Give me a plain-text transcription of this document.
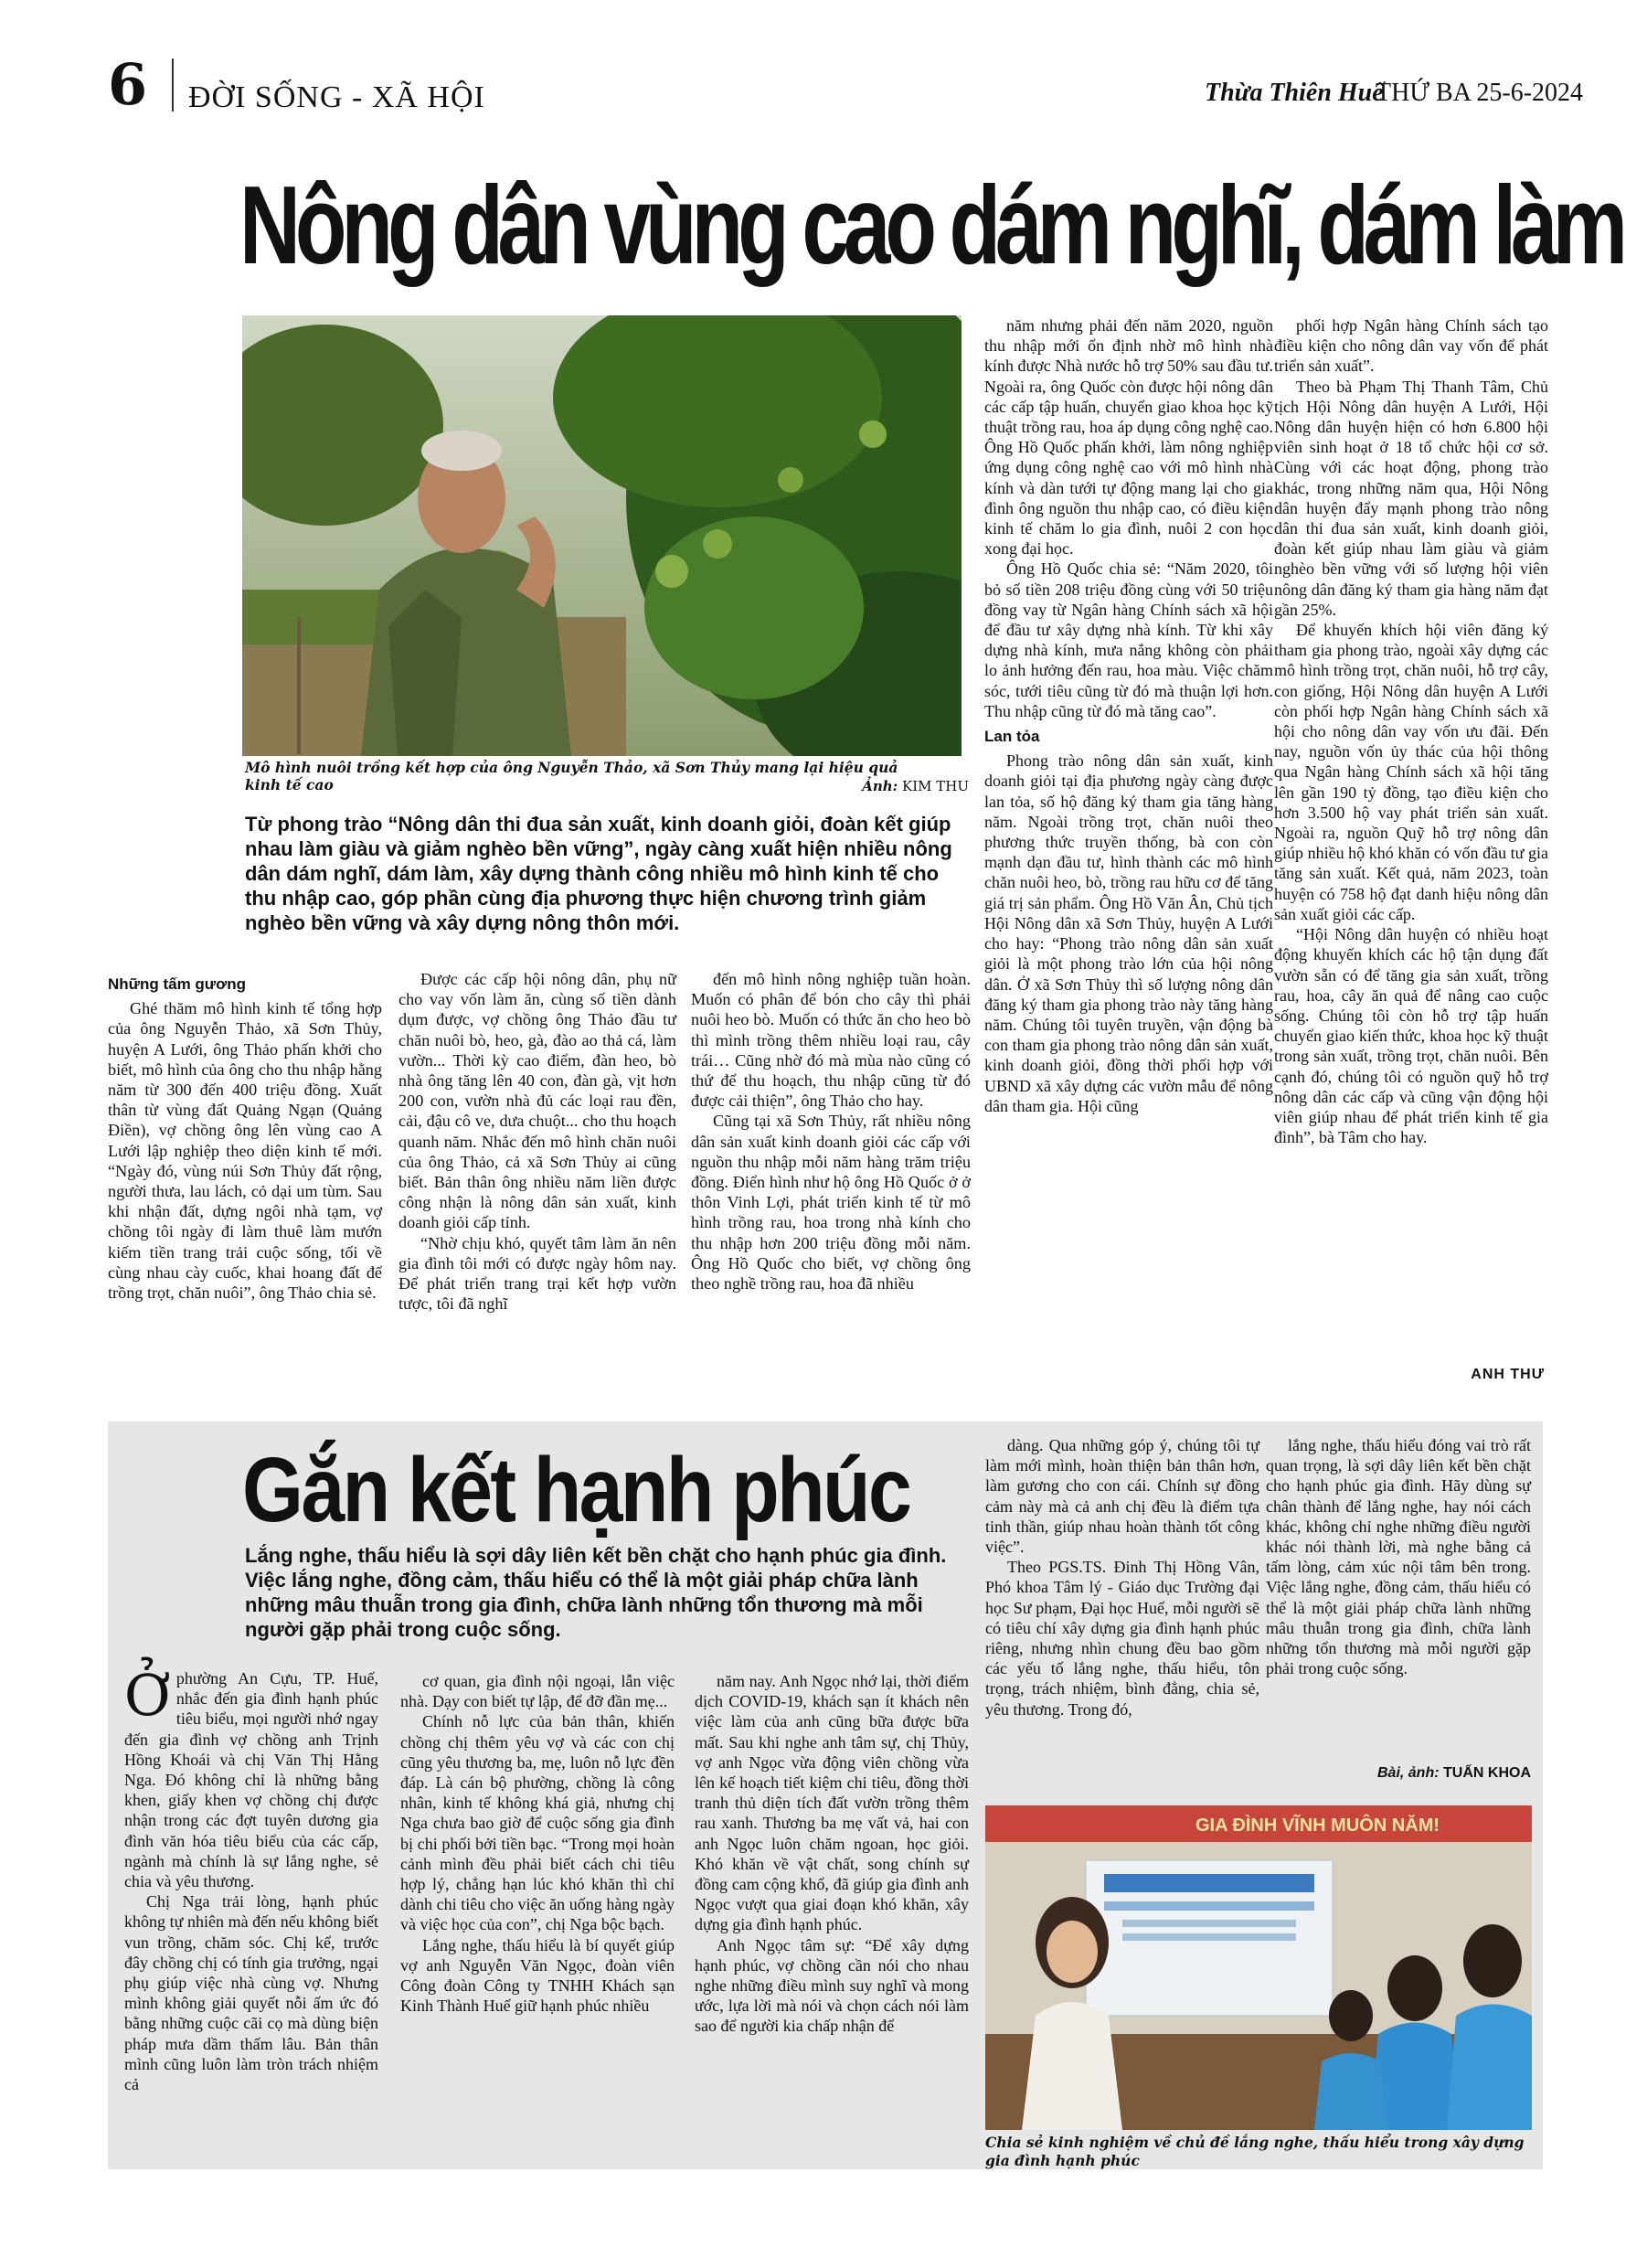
6 ĐỜI SỐNG - XÃ HỘI	Thừa Thiên Huế
THỨ BA 25-6-2024
Nông dân vùng cao dám nghĩ, dám làm
Mô hình nuôi trồng kết hợp của ông Nguyễn Thảo, xã Sơn Thủy mang lại hiệu quả kinh tế cao	Ảnh: KIM THU
Từ phong trào “Nông dân thi đua sản xuất, kinh doanh giỏi, đoàn kết giúp nhau làm giàu và giảm nghèo bền vững”, ngày càng xuất hiện nhiều nông dân dám nghĩ, dám làm, xây dựng thành công nhiều mô hình kinh tế cho thu nhập cao, góp phần cùng địa phương thực hiện chương trình giảm nghèo bền vững và xây dựng nông thôn mới.
Những tấm gương

Ghé thăm mô hình kinh tế tổng hợp của ông Nguyễn Thảo, xã Sơn Thủy, huyện A Lưới, ông Thảo phấn khởi cho biết, mô hình của ông cho thu nhập hằng năm từ 300 đến 400 triệu đồng. Xuất thân từ vùng đất Quảng Ngạn (Quảng Điền), vợ chồng ông lên vùng cao A Lưới lập nghiệp theo diện kinh tế mới. “Ngày đó, vùng núi Sơn Thủy đất rộng, người thưa, lau lách, cỏ dại um tùm. Sau khi nhận đất, dựng ngôi nhà tạm, vợ chồng tôi ngày đi làm thuê làm mướn kiếm tiền trang trải cuộc sống, tối về cùng nhau cày cuốc, khai hoang đất để trồng trọt, chăn nuôi”, ông Thảo chia sẻ.

Được các cấp hội nông dân, phụ nữ cho vay vốn làm ăn, cùng số tiền dành dụm được, vợ chồng ông Thảo đầu tư chăn nuôi bò, heo, gà, đào ao thả cá, làm vườn... Thời kỳ cao điểm, đàn heo, bò nhà ông tăng lên 40 con, đàn gà, vịt hơn 200 con, vườn nhà đủ các loại rau đền, cải, đậu cô ve, dưa chuột... cho thu hoạch quanh năm. Nhắc đến mô hình chăn nuôi của ông Thảo, cả xã Sơn Thủy ai cũng biết. Bản thân ông nhiều năm liền được công nhận là nông dân sản xuất, kinh doanh giỏi cấp tỉnh.

“Nhờ chịu khó, quyết tâm làm ăn nên gia đình tôi mới có được ngày hôm nay. Để phát triển trang trại kết hợp vườn tược, tôi đã nghĩ

đến mô hình nông nghiệp tuần hoàn. Muốn có phân để bón cho cây thì phải nuôi heo bò. Muốn có thức ăn cho heo bò thì mình trồng thêm nhiều loại rau, cây trái… Cũng nhờ đó mà mùa nào cũng có thứ để thu hoạch, thu nhập cũng từ đó được cải thiện”, ông Thảo cho hay.

Cũng tại xã Sơn Thủy, rất nhiều nông dân sản xuất kinh doanh giỏi các cấp với nguồn thu nhập mỗi năm hàng trăm triệu đồng. Điển hình như hộ ông Hồ Quốc ở ở thôn Vinh Lợi, phát triển kinh tế từ mô hình trồng rau, hoa trong nhà kính cho thu nhập hơn 200 triệu đồng mỗi năm. Ông Hồ Quốc cho biết, vợ chồng ông theo nghề trồng rau, hoa đã nhiều

năm nhưng phải đến năm 2020, nguồn thu nhập mới ổn định nhờ mô hình nhà kính được Nhà nước hỗ trợ 50% sau đầu tư. Ngoài ra, ông Quốc còn được hội nông dân các cấp tập huấn, chuyển giao khoa học kỹ thuật trồng rau, hoa áp dụng công nghệ cao. Ông Hồ Quốc phấn khởi, làm nông nghiệp ứng dụng công nghệ cao với mô hình nhà kính và dàn tưới tự động mang lại cho gia đình ông nguồn thu nhập cao, có điều kiện kinh tế chăm lo gia đình, nuôi 2 con học xong đại học.

Ông Hồ Quốc chia sẻ: “Năm 2020, tôi bỏ số tiền 208 triệu đồng cùng với 50 triệu đồng vay từ Ngân hàng Chính sách xã hội để đầu tư xây dựng nhà kính. Từ khi xây dựng nhà kính, mưa nắng không còn phải lo ảnh hưởng đến rau, hoa màu. Việc chăm sóc, tưới tiêu cũng từ đó mà thuận lợi hơn. Thu nhập cũng từ đó mà tăng cao”.

Lan tỏa

Phong trào nông dân sản xuất, kinh doanh giỏi tại địa phương ngày càng được lan tỏa, số hộ đăng ký tham gia tăng hàng năm. Ngoài trồng trọt, chăn nuôi theo phương thức truyền thống, bà con còn mạnh dạn đầu tư, hình thành các mô hình chăn nuôi heo, bò, trồng rau hữu cơ để tăng giá trị sản phẩm. Ông Hồ Văn Ân, Chủ tịch Hội Nông dân xã Sơn Thủy, huyện A Lưới cho hay: “Phong trào nông dân sản xuất giỏi là một phong trào lớn của hội nông dân. Ở xã Sơn Thủy thì số lượng nông dân đăng ký tham gia phong trào này tăng hàng năm. Chúng tôi tuyên truyền, vận động bà con tham gia phong trào nông dân sản xuất, kinh doanh giỏi, đồng thời phối hợp với UBND xã xây dựng các vườn mẫu để nông dân tham gia. Hội cũng

phối hợp Ngân hàng Chính sách tạo điều kiện cho nông dân vay vốn để phát triển sản xuất”.

Theo bà Phạm Thị Thanh Tâm, Chủ tịch Hội Nông dân huyện A Lưới, Hội Nông dân huyện hiện có hơn 6.800 hội viên sinh hoạt ở 18 tổ chức hội cơ sở. Cùng với các hoạt động, phong trào khác, trong những năm qua, Hội Nông dân huyện đẩy mạnh phong trào nông dân thi đua sản xuất, kinh doanh giỏi, đoàn kết giúp nhau làm giàu và giảm nghèo bền vững với số lượng hội viên nông dân đăng ký tham gia hàng năm đạt gần 25%.

Để khuyến khích hội viên đăng ký tham gia phong trào, ngoài xây dựng các mô hình trồng trọt, chăn nuôi, hỗ trợ cây, con giống, Hội Nông dân huyện A Lưới còn phối hợp Ngân hàng Chính sách xã hội cho nông dân vay vốn ưu đãi. Đến nay, nguồn vốn ủy thác của hội thông qua Ngân hàng Chính sách xã hội tăng lên gần 190 tỷ đồng, tạo điều kiện cho hơn 3.500 hộ vay phát triển sản xuất. Ngoài ra, nguồn Quỹ hỗ trợ nông dân giúp nhiều hộ khó khăn có vốn đầu tư gia tăng sản xuất. Kết quả, năm 2023, toàn huyện có 758 hộ đạt danh hiệu nông dân sản xuất giỏi các cấp.

“Hội Nông dân huyện có nhiều hoạt động khuyến khích các hộ tận dụng đất vườn sẵn có để tăng gia sản xuất, trồng rau, hoa, cây ăn quả để nâng cao cuộc sống. Chúng tôi còn hỗ trợ tập huấn chuyển giao kiến thức, khoa học kỹ thuật trong sản xuất, trồng trọt, chăn nuôi. Bên cạnh đó, chúng tôi có nguồn quỹ hỗ trợ nông dân các cấp và cũng vận động hội viên giúp nhau để phát triển kinh tế gia đình”, bà Tâm cho hay.

ANH THƯ
Gắn kết hạnh phúc
Lắng nghe, thấu hiểu là sợi dây liên kết bền chặt cho hạnh phúc gia đình. Việc lắng nghe, đồng cảm, thấu hiểu có thể là một giải pháp chữa lành những mâu thuẫn trong gia đình, chữa lành những tổn thương mà mỗi người gặp phải trong cuộc sống.

Ở phường An Cựu, TP. Huế, nhắc đến gia đình hạnh phúc tiêu biểu, mọi người nhớ ngay đến gia đình vợ chồng anh Trịnh Hồng Khoái và chị Văn Thị Hằng Nga. Đó không chỉ là những bằng khen, giấy khen vợ chồng chị được nhận trong các đợt tuyên dương gia đình văn hóa tiêu biểu của các cấp, ngành mà chính là sự lắng nghe, sẻ chia và yêu thương.

Chị Nga trải lòng, hạnh phúc không tự nhiên mà đến nếu không biết vun trồng, chăm sóc. Chị kể, trước đây chồng chị có tính gia trưởng, ngại phụ giúp việc nhà cùng vợ. Nhưng mình không giải quyết nỗi ấm ức đó bằng những cuộc cãi cọ mà dùng biện pháp mưa dầm thấm lâu. Bản thân mình cũng luôn làm tròn trách nhiệm cả

cơ quan, gia đình nội ngoại, lẫn việc nhà. Dạy con biết tự lập, để đỡ đần mẹ...

Chính nỗ lực của bản thân, khiến chồng chị thêm yêu vợ và các con chị cũng yêu thương ba, mẹ, luôn nỗ lực đền đáp. Là cán bộ phường, chồng là công nhân, kinh tế không khá giả, nhưng chị Nga chưa bao giờ để cuộc sống gia đình bị chi phối bởi tiền bạc. “Trong mọi hoàn cảnh mình đều phải biết cách chi tiêu hợp lý, chẳng hạn lúc khó khăn thì chỉ dành chi tiêu cho việc ăn uống hàng ngày và việc học của con”, chị Nga bộc bạch.

Lắng nghe, thấu hiểu là bí quyết giúp vợ anh Nguyễn Văn Ngọc, đoàn viên Công đoàn Công ty TNHH Khách sạn Kinh Thành Huế giữ hạnh phúc nhiều

năm nay. Anh Ngọc nhớ lại, thời điểm dịch COVID-19, khách sạn ít khách nên việc làm của anh cũng bữa được bữa mất. Sau khi nghe anh tâm sự, chị Thủy, vợ anh Ngọc vừa động viên chồng vừa lên kế hoạch tiết kiệm chi tiêu, đồng thời tranh thủ diện tích đất vườn trồng thêm rau xanh. Thương ba mẹ vất vả, hai con anh Ngọc luôn chăm ngoan, học giỏi. Khó khăn về vật chất, song chính sự đồng cam cộng khổ, đã giúp gia đình anh Ngọc vượt qua giai đoạn khó khăn, xây dựng gia đình hạnh phúc.

Anh Ngọc tâm sự: “Để xây dựng hạnh phúc, vợ chồng cần nói cho nhau nghe những điều mình suy nghĩ và mong ước, lựa lời mà nói và chọn cách nói làm sao để người kia chấp nhận để

dàng. Qua những góp ý, chúng tôi tự làm mới mình, hoàn thiện bản thân hơn, làm gương cho con cái. Chính sự đồng cảm này mà cả anh chị đều là điểm tựa tinh thần, giúp nhau hoàn thành tốt công việc”.

Theo PGS.TS. Đinh Thị Hồng Vân, Phó khoa Tâm lý - Giáo dục Trường đại học Sư phạm, Đại học Huế, mỗi người sẽ có tiêu chí xây dựng gia đình hạnh phúc riêng, nhưng nhìn chung đều bao gồm các yếu tố lắng nghe, thấu hiểu, tôn trọng, trách nhiệm, bình đẳng, chia sẻ, yêu thương. Trong đó,

lắng nghe, thấu hiểu đóng vai trò rất quan trọng, là sợi dây liên kết bền chặt cho hạnh phúc gia đình. Hãy dùng sự chân thành để lắng nghe, hay nói cách khác, không chỉ nghe những điều người khác nói thành lời, mà nghe bằng cả tấm lòng, cảm xúc nội tâm bên trong. Việc lắng nghe, đồng cảm, thấu hiểu có thể là một giải pháp chữa lành những mâu thuẫn trong gia đình, chữa lành những tổn thương mà mỗi người gặp phải trong cuộc sống.

Bài, ảnh: TUẤN KHOA
GIA ĐÌNH VĨNH MUÔN NĂM!
Chia sẻ kinh nghiệm về chủ đề lắng nghe, thấu hiểu trong xây dựng gia đình hạnh phúc
